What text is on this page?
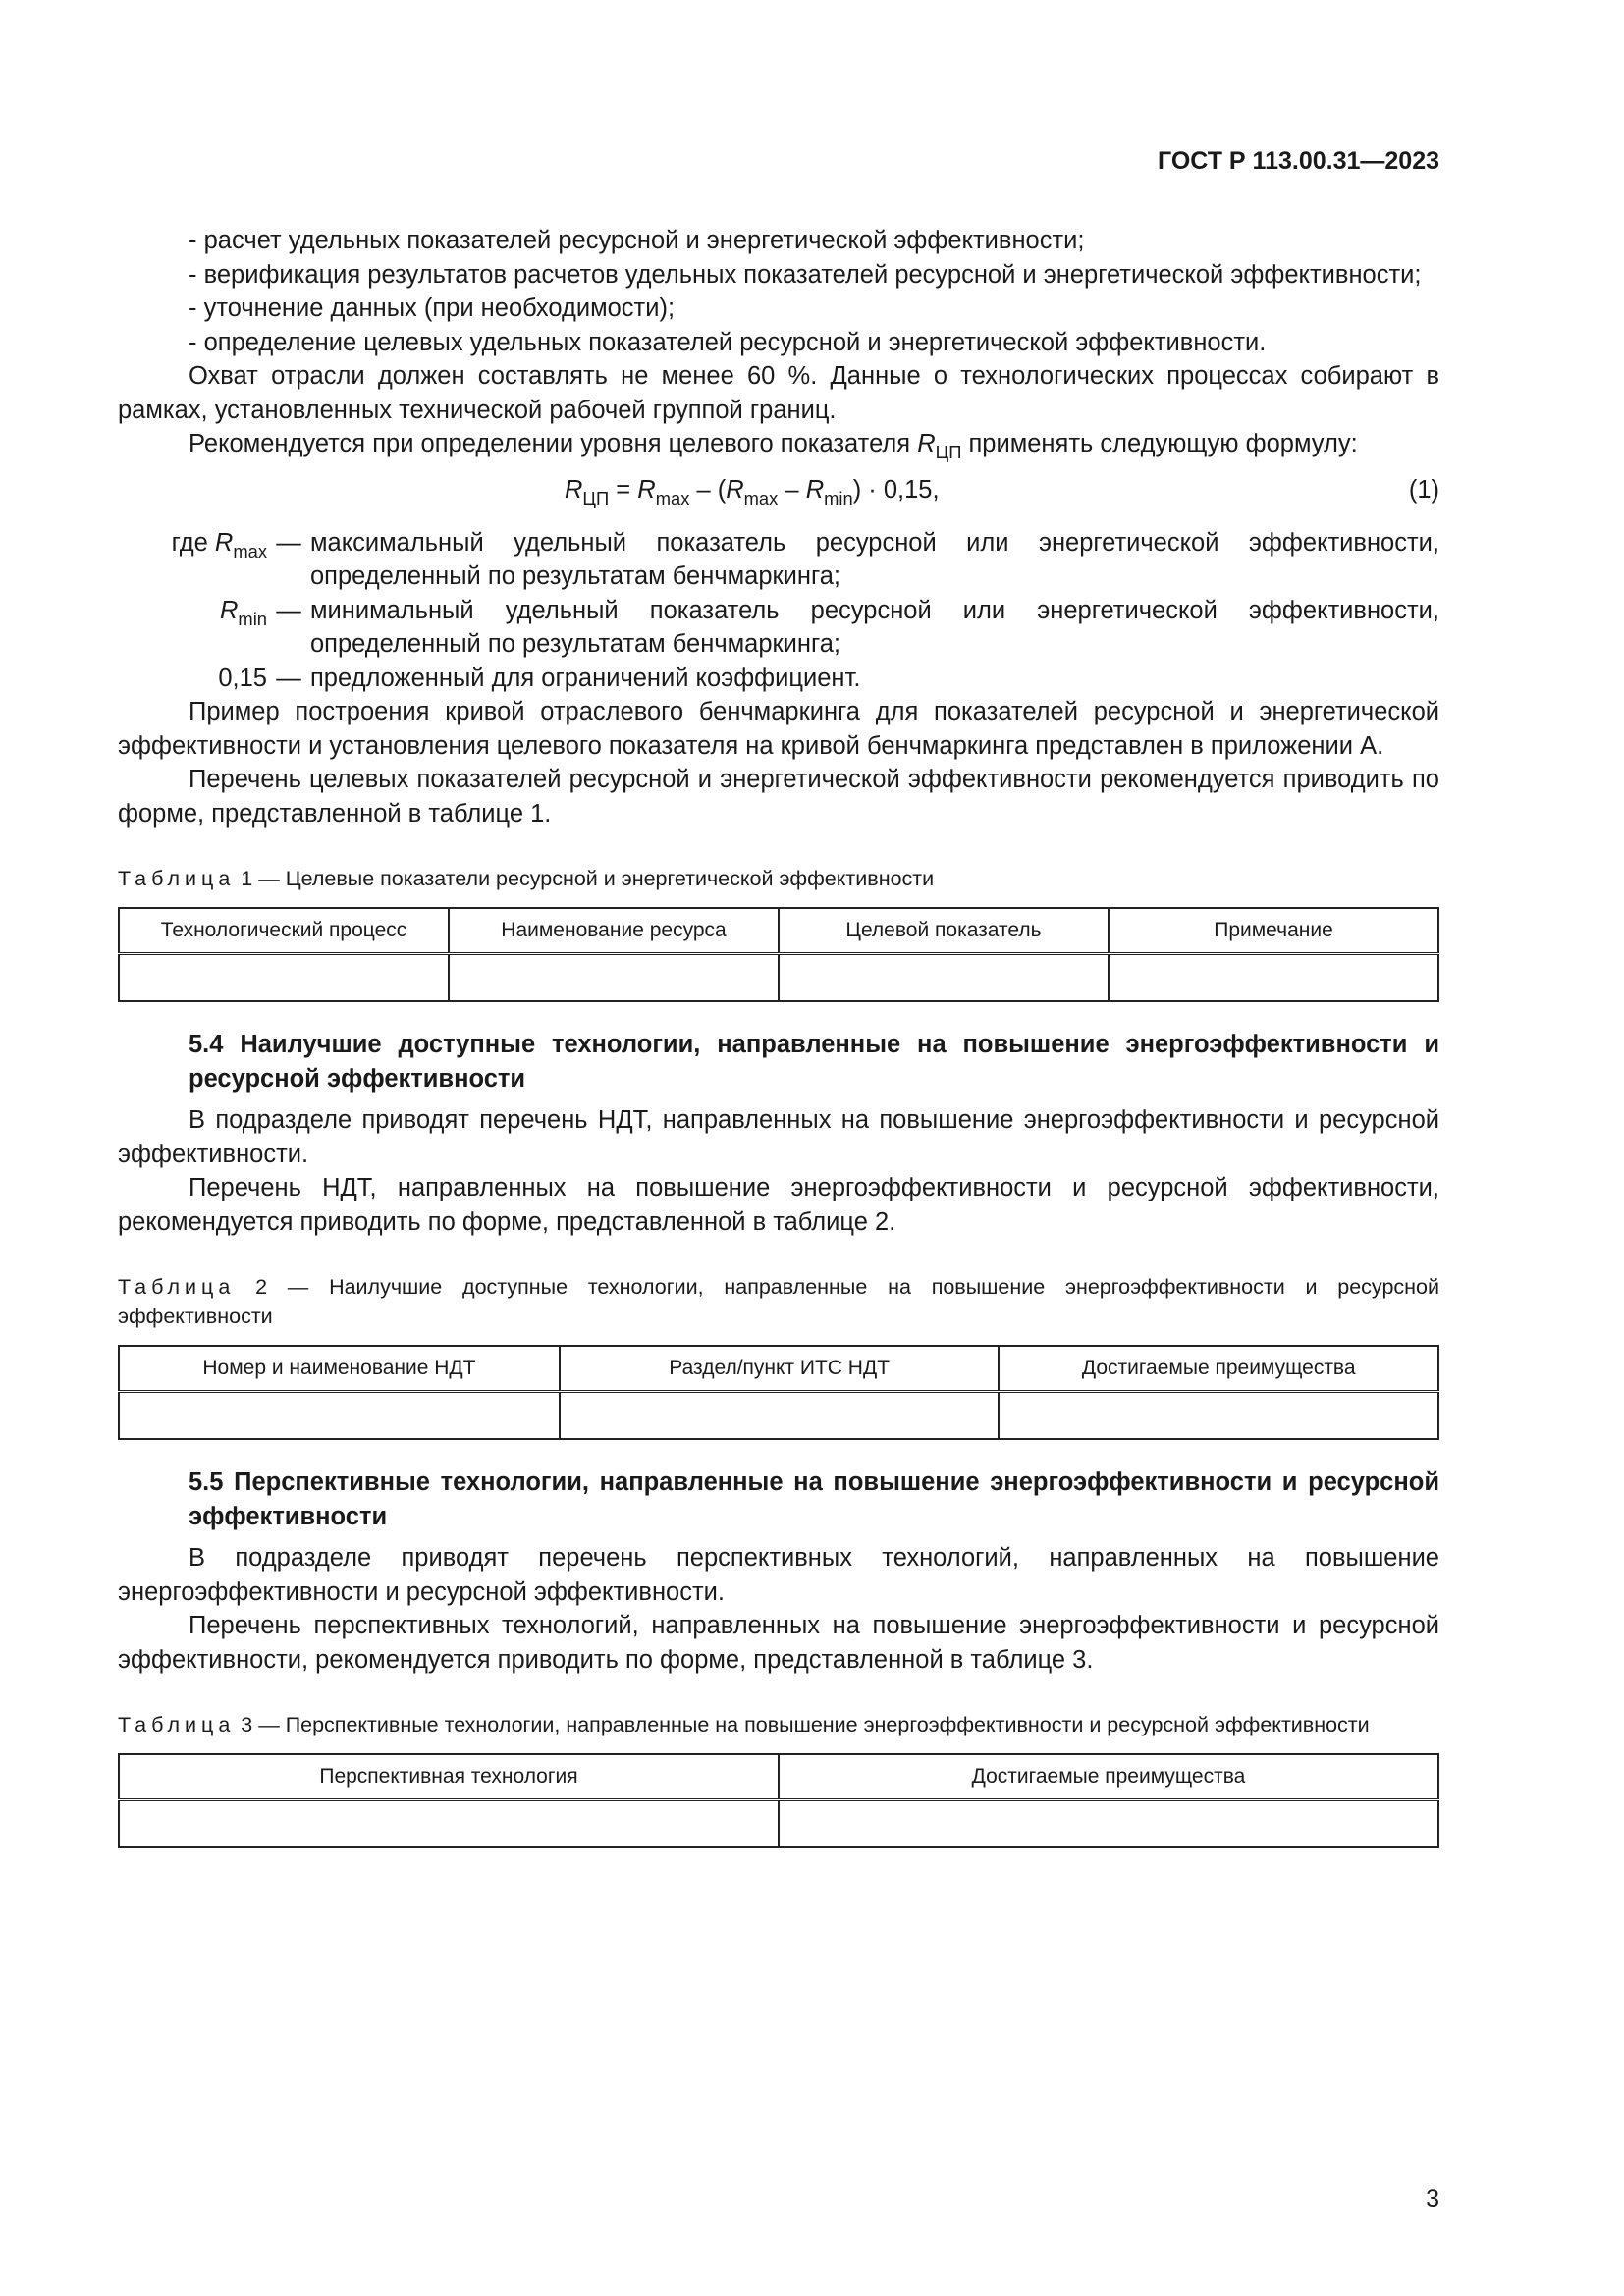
ГОСТ Р 113.00.31—2023

- расчет удельных показателей ресурсной и энергетической эффективности;

- верификация результатов расчетов удельных показателей ресурсной и энергетической эффективности;

- уточнение данных (при необходимости);

- определение целевых удельных показателей ресурсной и энергетической эффективности.

Охват отрасли должен составлять не менее 60 %. Данные о технологических процессах собирают в рамках, установленных технической рабочей группой границ.

Рекомендуется при определении уровня целевого показателя $R_{ЦП}$ применять следующую формулу:

$R_{ЦП} = R_{max} - (R_{max} - R_{min}) \cdot 0,15$,	(1)
где $R_{max}$ — максимальный удельный показатель ресурсной или энергетической эффективности, определенный по результатам бенчмаркинга;
$R_{min}$ — минимальный удельный показатель ресурсной или энергетической эффективности, определенный по результатам бенчмаркинга;
0,15 — предложенный для ограничений коэффициент.

Пример построения кривой отраслевого бенчмаркинга для показателей ресурсной и энергетической эффективности и установления целевого показателя на кривой бенчмаркинга представлен в приложении А.

Перечень целевых показателей ресурсной и энергетической эффективности рекомендуется приводить по форме, представленной в таблице 1.

Таблица 1 — Целевые показатели ресурсной и энергетической эффективности
Технологический процесс	Наименование ресурса	Целевой показатель	Примечание

5.4 Наилучшие доступные технологии, направленные на повышение энергоэффективности и ресурсной эффективности

В подразделе приводят перечень НДТ, направленных на повышение энергоэффективности и ресурсной эффективности.

Перечень НДТ, направленных на повышение энергоэффективности и ресурсной эффективности, рекомендуется приводить по форме, представленной в таблице 2.

Таблица 2 — Наилучшие доступные технологии, направленные на повышение энергоэффективности и ресурсной эффективности
Номер и наименование НДТ	Раздел/пункт ИТС НДТ	Достигаемые преимущества

5.5 Перспективные технологии, направленные на повышение энергоэффективности и ресурсной эффективности

В подразделе приводят перечень перспективных технологий, направленных на повышение энергоэффективности и ресурсной эффективности.

Перечень перспективных технологий, направленных на повышение энергоэффективности и ресурсной эффективности, рекомендуется приводить по форме, представленной в таблице 3.

Таблица 3 — Перспективные технологии, направленные на повышение энергоэффективности и ресурсной эффективности
Перспективная технология	Достигаемые преимущества

3
